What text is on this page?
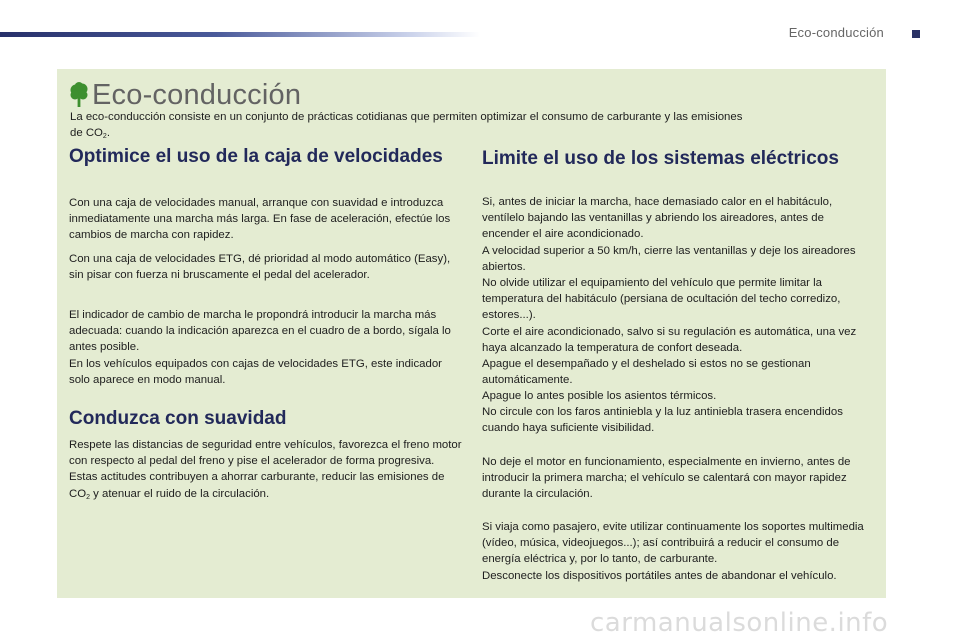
Eco-conducción
Eco-conducción
La eco-conducción consiste en un conjunto de prácticas cotidianas que permiten optimizar el consumo de carburante y las emisiones
de $CO_2$.
Optimice el uso de la caja de velocidades

Con una caja de velocidades manual, arranque con suavidad e introduzca inmediatamente una marcha más larga. En fase de aceleración, efectúe los cambios de marcha con rapidez.

Con una caja de velocidades ETG, dé prioridad al modo automático (Easy), sin pisar con fuerza ni bruscamente el pedal del acelerador.

El indicador de cambio de marcha le propondrá introducir la marcha más adecuada: cuando la indicación aparezca en el cuadro de a bordo, sígala lo antes posible.

En los vehículos equipados con cajas de velocidades ETG, este indicador solo aparece en modo manual.

Conduzca con suavidad

Respete las distancias de seguridad entre vehículos, favorezca el freno motor con respecto al pedal del freno y pise el acelerador de forma progresiva. Estas actitudes contribuyen a ahorrar carburante, reducir las emisiones de $CO_2$ y atenuar el ruido de la circulación.

Limite el uso de los sistemas eléctricos

Si, antes de iniciar la marcha, hace demasiado calor en el habitáculo, ventílelo bajando las ventanillas y abriendo los aireadores, antes de encender el aire acondicionado.

A velocidad superior a 50 km/h, cierre las ventanillas y deje los aireadores abiertos.

No olvide utilizar el equipamiento del vehículo que permite limitar la temperatura del habitáculo (persiana de ocultación del techo corredizo, estores...).

Corte el aire acondicionado, salvo si su regulación es automática, una vez haya alcanzado la temperatura de confort deseada.

Apague el desempañado y el deshelado si estos no se gestionan automáticamente.

Apague lo antes posible los asientos térmicos.

No circule con los faros antiniebla y la luz antiniebla trasera encendidos cuando haya suficiente visibilidad.

No deje el motor en funcionamiento, especialmente en invierno, antes de introducir la primera marcha; el vehículo se calentará con mayor rapidez durante la circulación.

Si viaja como pasajero, evite utilizar continuamente los soportes multimedia (vídeo, música, videojuegos...); así contribuirá a reducir el consumo de energía eléctrica y, por lo tanto, de carburante.

Desconecte los dispositivos portátiles antes de abandonar el vehículo.

carmanualsonline.info
